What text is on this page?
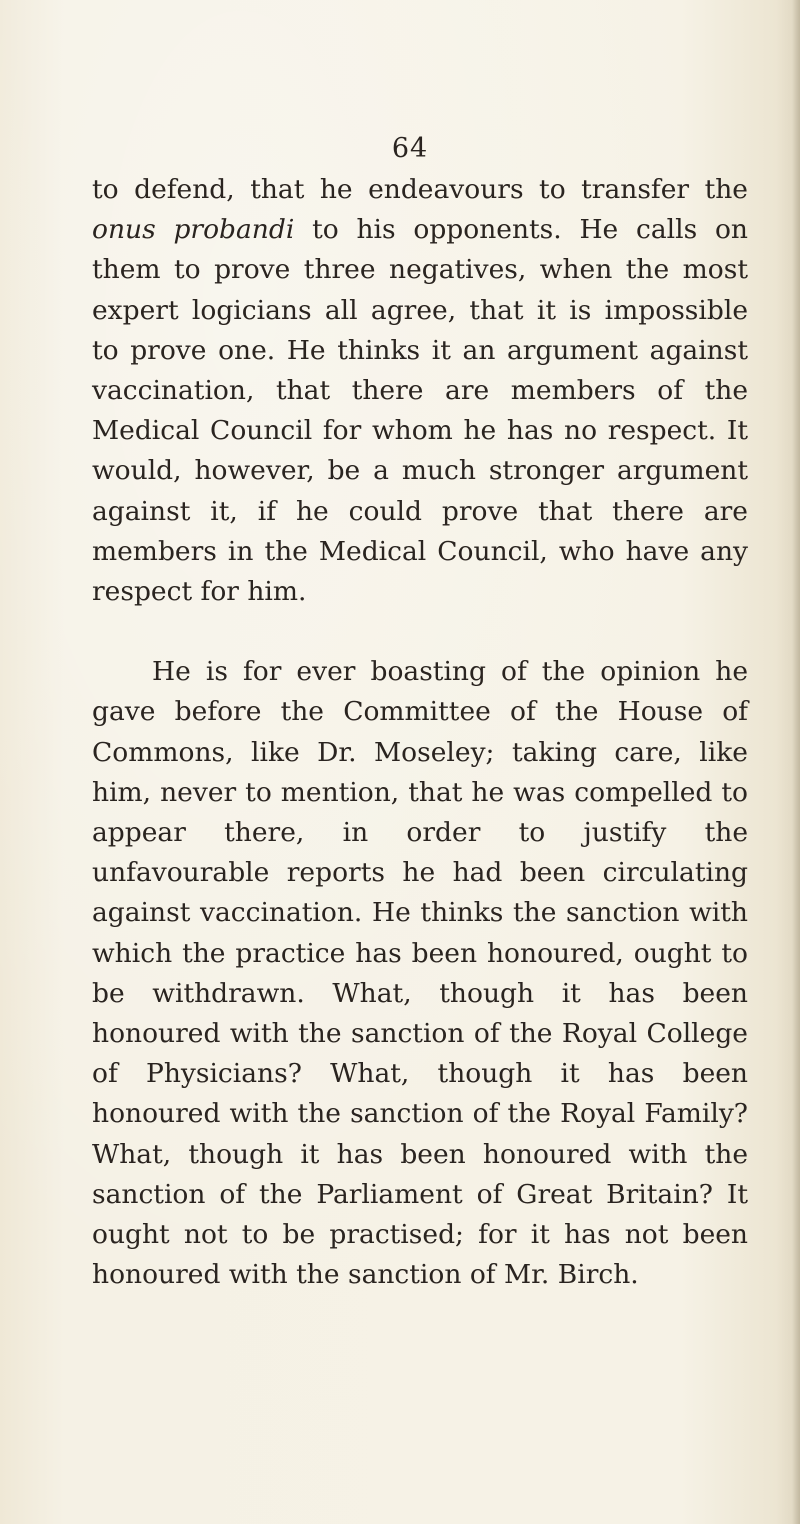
64

to defend, that he endeavours to transfer the onus probandi to his opponents. He calls on them to prove three negatives, when the most expert logicians all agree, that it is impossible to prove one. He thinks it an argument against vaccination, that there are members of the Medical Council for whom he has no respect. It would, however, be a much stronger argument against it, if he could prove that there are members in the Medical Council, who have any respect for him.

He is for ever boasting of the opinion he gave before the Committee of the House of Commons, like Dr. Moseley; taking care, like him, never to mention, that he was compelled to appear there, in order to justify the unfavourable reports he had been circulating against vaccination. He thinks the sanction with which the practice has been honoured, ought to be withdrawn. What, though it has been honoured with the sanction of the Royal College of Physicians? What, though it has been honoured with the sanction of the Royal Family? What, though it has been honoured with the sanction of the Parliament of Great Britain? It ought not to be practised; for it has not been honoured with the sanction of Mr. Birch.
